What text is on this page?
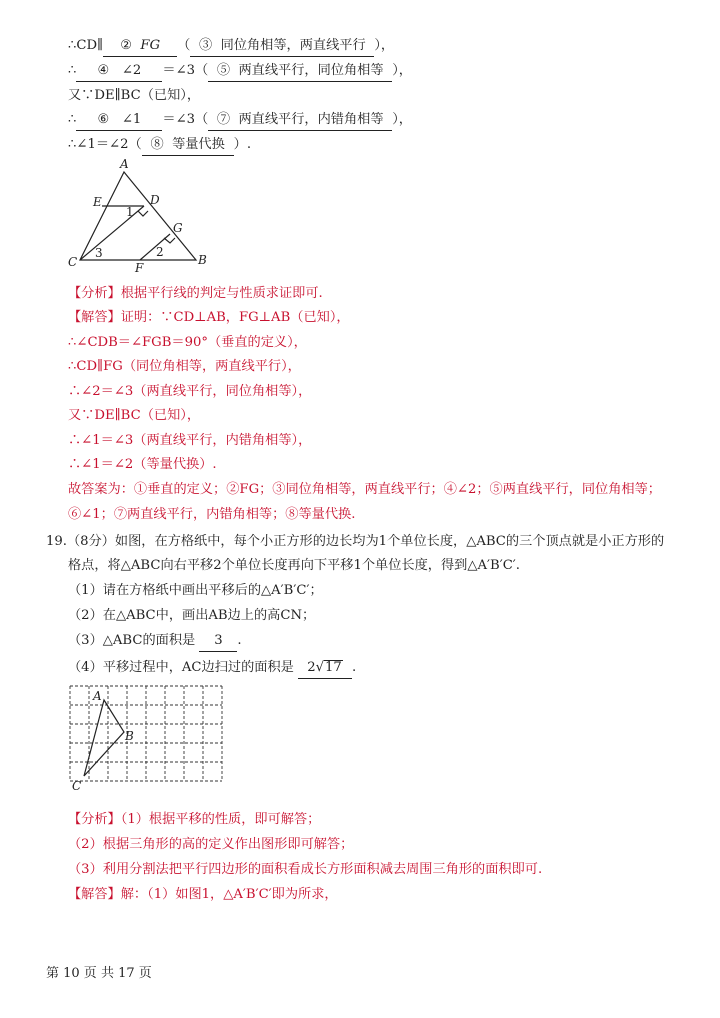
∴CD∥ ② FG （ ③ 同位角相等，两直线平行 ），
∴ ④ ∠2 ＝∠3（ ⑤ 两直线平行，同位角相等 ），
又∵DE∥BC（已知），
∴ ⑥ ∠1 ＝∠3（ ⑦ 两直线平行，内错角相等 ），
∴∠1＝∠2（ ⑧ 等量代换 ）.
A
E	D
G
C	F
B
1
2
3
【分析】根据平行线的判定与性质求证即可.
【解答】证明：∵CD⊥AB，FG⊥AB（已知），
∴∠CDB＝∠FGB＝90°（垂直的定义），
∴CD∥FG（同位角相等，两直线平行），
∴∠2＝∠3（两直线平行，同位角相等），
又∵DE∥BC（已知），
∴∠1＝∠3（两直线平行，内错角相等），
∴∠1＝∠2（等量代换）.
故答案为：①垂直的定义；②FG；③同位角相等，两直线平行；④∠2；⑤两直线平行，同位角相等；
⑥∠1；⑦两直线平行，内错角相等；⑧等量代换.
19.（8分）如图，在方格纸中，每个小正方形的边长均为1个单位长度，△ABC的三个顶点就是小正方形的
格点，将△ABC向右平移2个单位长度再向下平移1个单位长度，得到△A′B′C′.
（1）请在方格纸中画出平移后的△A′B′C′；
（2）在△ABC中，画出AB边上的高CN；
（3）△ABC的面积是 3 .
（4）平移过程中，AC边扫过的面积是 2√17 .
A
B
C
【分析】（1）根据平移的性质，即可解答；
（2）根据三角形的高的定义作出图形即可解答；
（3）利用分割法把平行四边形的面积看成长方形面积减去周围三角形的面积即可.
【解答】解：（1）如图1，△A′B′C′即为所求，
第 10 页 共 17 页
